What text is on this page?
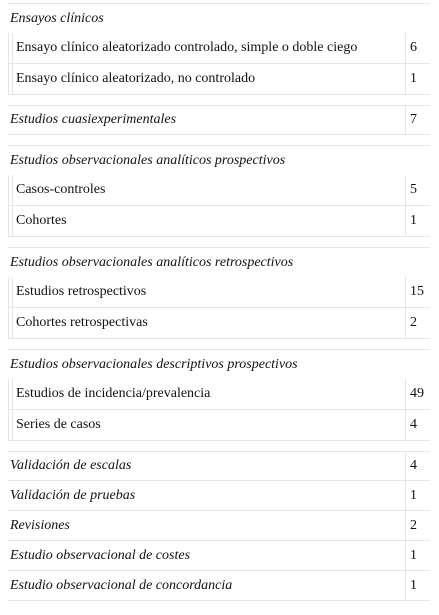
Ensayos clínicos
Ensayo clínico aleatorizado controlado, simple o doble ciego	6
Ensayo clínico aleatorizado, no controlado	1
Estudios cuasiexperimentales	7
Estudios observacionales analíticos prospectivos
Casos-controles	5
Cohortes	1
Estudios observacionales analíticos retrospectivos
Estudios retrospectivos	15
Cohortes retrospectivas	2
Estudios observacionales descriptivos prospectivos
Estudios de incidencia/prevalencia	49
Series de casos	4
Validación de escalas	4
Validación de pruebas	1
Revisiones	2
Estudio observacional de costes	1
Estudio observacional de concordancia	1
